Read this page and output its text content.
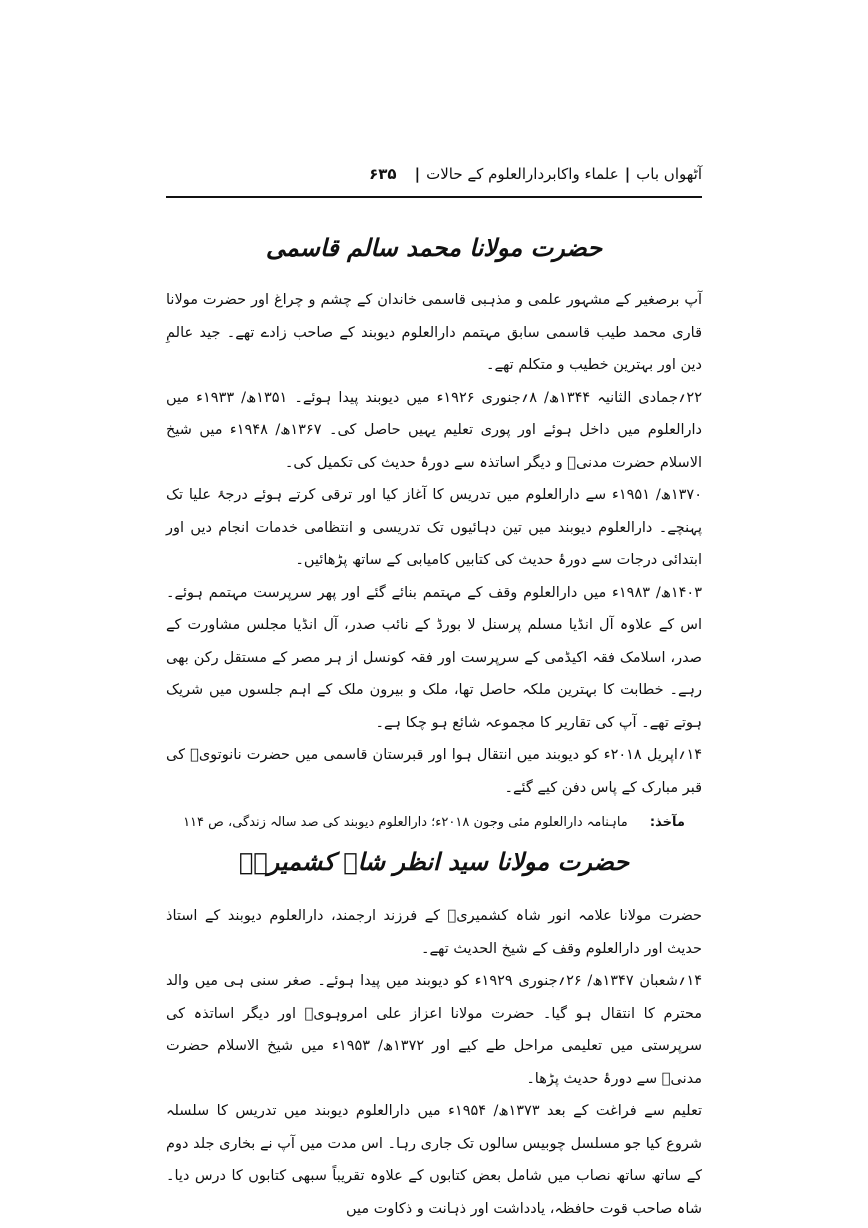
آٹھواں باب
|
علماء واکابردارالعلوم کے حالات
|
۶۳۵
حضرت مولانا محمد سالم قاسمی

آپ برصغیر کے مشہور علمی و مذہبی قاسمی خاندان کے چشم و چراغ اور حضرت مولانا قاری محمد طیب قاسمی سابق مہتمم دارالعلوم دیوبند کے صاحب زادے تھے۔ جید عالمِ دین اور بہترین خطیب و متکلم تھے۔

۲۲؍جمادی الثانیہ ۱۳۴۴ھ/ ۸؍جنوری ۱۹۲۶ء میں دیوبند پیدا ہوئے۔ ۱۳۵۱ھ/ ۱۹۳۳ء میں دارالعلوم میں داخل ہوئے اور پوری تعلیم یہیں حاصل کی۔ ۱۳۶۷ھ/ ۱۹۴۸ء میں شیخ الاسلام حضرت مدنیؒ و دیگر اساتذہ سے دورۂ حدیث کی تکمیل کی۔

۱۳۷۰ھ/ ۱۹۵۱ء سے دارالعلوم میں تدریس کا آغاز کیا اور ترقی کرتے ہوئے درجۂ علیا تک پہنچے۔ دارالعلوم دیوبند میں تین دہائیوں تک تدریسی و انتظامی خدمات انجام دیں اور ابتدائی درجات سے دورۂ حدیث کی کتابیں کامیابی کے ساتھ پڑھائیں۔

۱۴۰۳ھ/ ۱۹۸۳ء میں دارالعلوم وقف کے مہتمم بنائے گئے اور پھر سرپرست مہتمم ہوئے۔ اس کے علاوہ آل انڈیا مسلم پرسنل لا بورڈ کے نائب صدر، آل انڈیا مجلس مشاورت کے صدر، اسلامک فقہ اکیڈمی کے سرپرست اور فقہ کونسل از ہر مصر کے مستقل رکن بھی رہے۔ خطابت کا بہترین ملکہ حاصل تھا، ملک و بیرون ملک کے اہم جلسوں میں شریک ہوتے تھے۔ آپ کی تقاریر کا مجموعہ شائع ہو چکا ہے۔

۱۴؍اپریل ۲۰۱۸ء کو دیوبند میں انتقال ہوا اور قبرستان قاسمی میں حضرت نانوتویؒ کی قبر مبارک کے پاس دفن کیے گئے۔

مآخذ: ماہنامہ دارالعلوم مئی وجون ۲۰۱۸ء؛ دارالعلوم دیوبند کی صد سالہ زندگی، ص ۱۱۴
حضرت مولانا سید انظر شاہ کشمیریؒ

حضرت مولانا علامہ انور شاہ کشمیریؒ کے فرزند ارجمند، دارالعلوم دیوبند کے استاذ حدیث اور دارالعلوم وقف کے شیخ الحدیث تھے۔

۱۴؍شعبان ۱۳۴۷ھ/ ۲۶؍جنوری ۱۹۲۹ء کو دیوبند میں پیدا ہوئے۔ صغر سنی ہی میں والد محترم کا انتقال ہو گیا۔ حضرت مولانا اعزاز علی امروہویؒ اور دیگر اساتذہ کی سرپرستی میں تعلیمی مراحل طے کیے اور ۱۳۷۲ھ/ ۱۹۵۳ء میں شیخ الاسلام حضرت مدنیؒ سے دورۂ حدیث پڑھا۔

تعلیم سے فراغت کے بعد ۱۳۷۳ھ/ ۱۹۵۴ء میں دارالعلوم دیوبند میں تدریس کا سلسلہ شروع کیا جو مسلسل چوبیس سالوں تک جاری رہا۔ اس مدت میں آپ نے بخاری جلد دوم کے ساتھ ساتھ نصاب میں شامل بعض کتابوں کے علاوہ تقریباً سبھی کتابوں کا درس دیا۔ شاہ صاحب قوت حافظہ، یادداشت اور ذہانت و ذکاوت میں
